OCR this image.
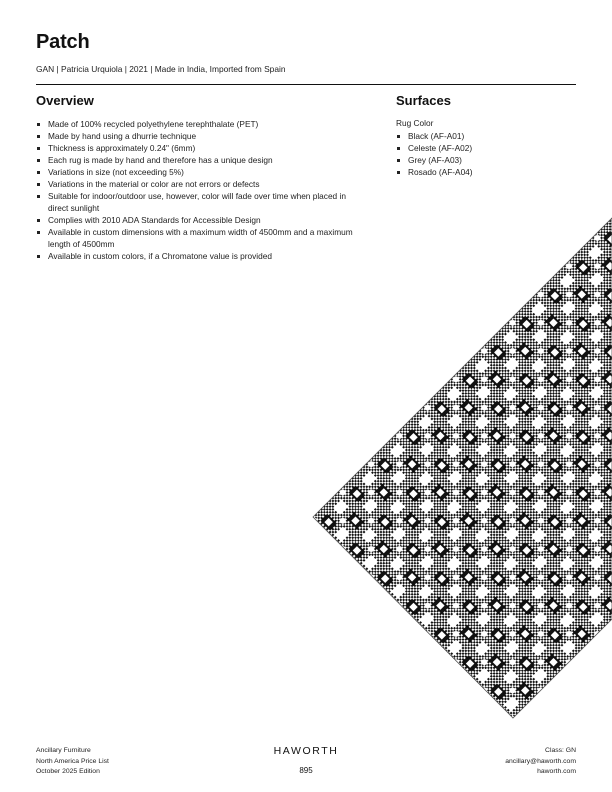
Patch
GAN | Patricia Urquiola | 2021 | Made in India, Imported from Spain
Overview
Made of 100% recycled polyethylene terephthalate (PET)
Made by hand using a dhurrie technique
Thickness is approximately 0.24" (6mm)
Each rug is made by hand and therefore has a unique design
Variations in size (not exceeding 5%)
Variations in the material or color are not errors or defects
Suitable for indoor/outdoor use, however, color will fade over time when placed in direct sunlight
Complies with 2010 ADA Standards for Accessible Design
Available in custom dimensions with a maximum width of 4500mm and a maximum length of 4500mm
Available in custom colors, if a Chromatone value is provided
Surfaces
Rug Color
Black (AF-A01)
Celeste (AF-A02)
Grey (AF-A03)
Rosado (AF-A04)
Ancillary Furniture
North America Price List
October 2025 Edition
HAWORTH
895
Class: GN
ancillary@haworth.com
haworth.com
